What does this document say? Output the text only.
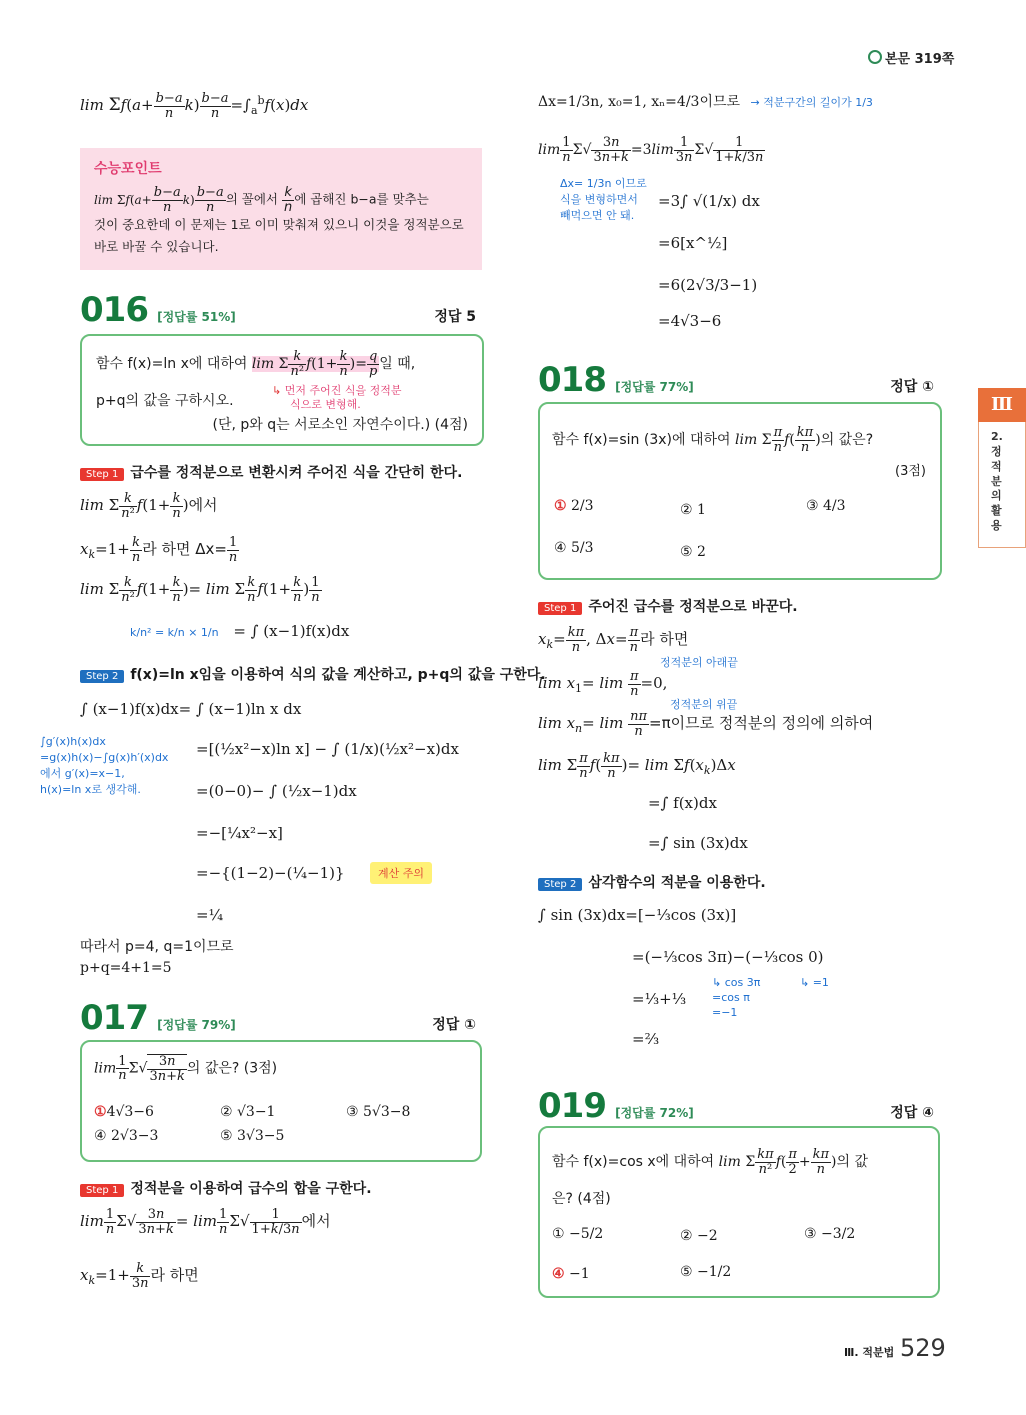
본문 319쪽
Ⅲ
2. 정적분의 활용
$\lim \Sigma f(a+ \frac{b-a}{n} k) \frac{b-a}{n} =\int_a^bf(x)dx$
수능포인트
$\lim \Sigma f(a+ \frac{b-a}{n} k) \frac{b-a}{n}$ 의 꼴에서 $\frac{k}{n}$ 에 곱해진 b−a를 맞추는
것이 중요한데 이 문제는 1로 이미 맞춰져 있으니 이것을 정적분으로
바로 바꿀 수 있습니다.
016 [정답률 51%]	정답 5
함수 f(x)=ln x에 대하여 lim Σ $\frac{k}{\text{n²}} f(1+ \frac{k}{n}$ )= $\frac{q}{p}$ 일 때,
↳ 먼저 주어진 식을 정적분
식으로 변형해.
p+q의 값을 구하시오.
(단, p와 q는 서로소인 자연수이다.) (4점)
Step 1 급수를 정적분으로 변환시켜 주어진 식을 간단히 한다.
lim Σ $\frac{k}{\text{n²}} f(1+ \frac{k}{n}$ )에서
$x_k=1+ \frac{k}{n}$ 라 하면 $\Delta x= \frac{1}{n}$
lim Σ $\frac{k}{\text{n²}} f(1+ \frac{k}{n}$ )= lim Σ $\frac{k}{n} f(1+ \frac{k}{n}$ ) $\frac{1}{n}$
k/n² = k/n × 1/n = ∫ (x−1)f(x)dx
Step 2 f(x)=ln x임을 이용하여 식의 값을 계산하고, p+q의 값을 구한다.
∫ (x−1)f(x)dx= ∫ (x−1)ln x dx
=[(½x²−x)ln x] − ∫ (1/x)(½x²−x)dx
=(0−0)− ∫ (½x−1)dx
=−[¼x²−x]
=−{(1−2)−(¼−1)}
=¼
∫g′(x)h(x)dx
=g(x)h(x)−∫g(x)h′(x)dx
에서 g′(x)=x−1,
h(x)=ln x로 생각해.
계산 주의
따라서 p=4, q=1이므로
p+q=4+1=5
017 [정답률 79%]	정답 ①
$\lim \frac{1}{n} \Sigma√ \frac{3n}{3n+k}$ 의 값은? (3점)
①4√3−6	② √3−1	③ 5√3−8
④ 2√3−3	⑤ 3√3−5
Step 1 정적분을 이용하여 급수의 합을 구한다.
$\lim \frac{1}{n} \Sigma√ \frac{3n}{3n+k} = \lim \frac{1}{n} \Sigma√ \frac{1}{1+k/3n}$ 에서
$x_k=1+ \frac{k}{3n}$ 라 하면
Δx=1/3n, x₀=1, xₙ=4/3이므로 → 적분구간의 길이가 1/3
$\lim \frac{1}{n} \Sigma√ \frac{3n}{3n+k} =3\lim \frac{1}{3n} \Sigma√ \frac{1}{1+k/3n}$
Δx= 1/3n 이므로
식을 변형하면서
빼먹으면 안 돼.
=3∫ √(1/x) dx
=6[x^½]
=6(2√3/3−1)
=4√3−6
018 [정답률 77%]	정답 ①
함수 f(x)=sin (3x)에 대하여 lim Σ $\frac{\pi}{n} f( \frac{k\pi}{n}$ )의 값은?
(3점)
① 2/3	② 1	③ 4/3
④ 5/3	⑤ 2
Step 1 주어진 급수를 정적분으로 바꾼다.
$x_k= \frac{k\pi}{n}$ , $\Delta x= \frac{\pi}{n}$ 라 하면
정적분의 아래끝
$\lim x_1= \lim \frac{\pi}{n} =0$,
정적분의 위끝
$\lim x_n= \lim \frac{n\pi}{n} =\pi$이므로 정적분의 정의에 의하여
lim Σ $\frac{\pi}{n} f( \frac{k\pi}{n}$ )= $\lim \Sigma f(x_k)\Delta x$
=∫ f(x)dx
=∫ sin (3x)dx
Step 2 삼각함수의 적분을 이용한다.
∫ sin (3x)dx=[−⅓cos (3x)]
=(−⅓cos 3π)−(−⅓cos 0)
↳ cos 3π
=cos π
=−1
↳ =1
=⅓+⅓
=⅔
019 [정답률 72%]	정답 ④
함수 f(x)=cos x에 대하여 lim Σ $\frac{k\pi}{\text{n²}} f( \frac{\pi}{2} + \frac{k\pi}{n}$ )의 값
은? (4점)
① −5/2	② −2	③ −3/2
④ −1	⑤ −1/2
Ⅲ. 적분법 529
